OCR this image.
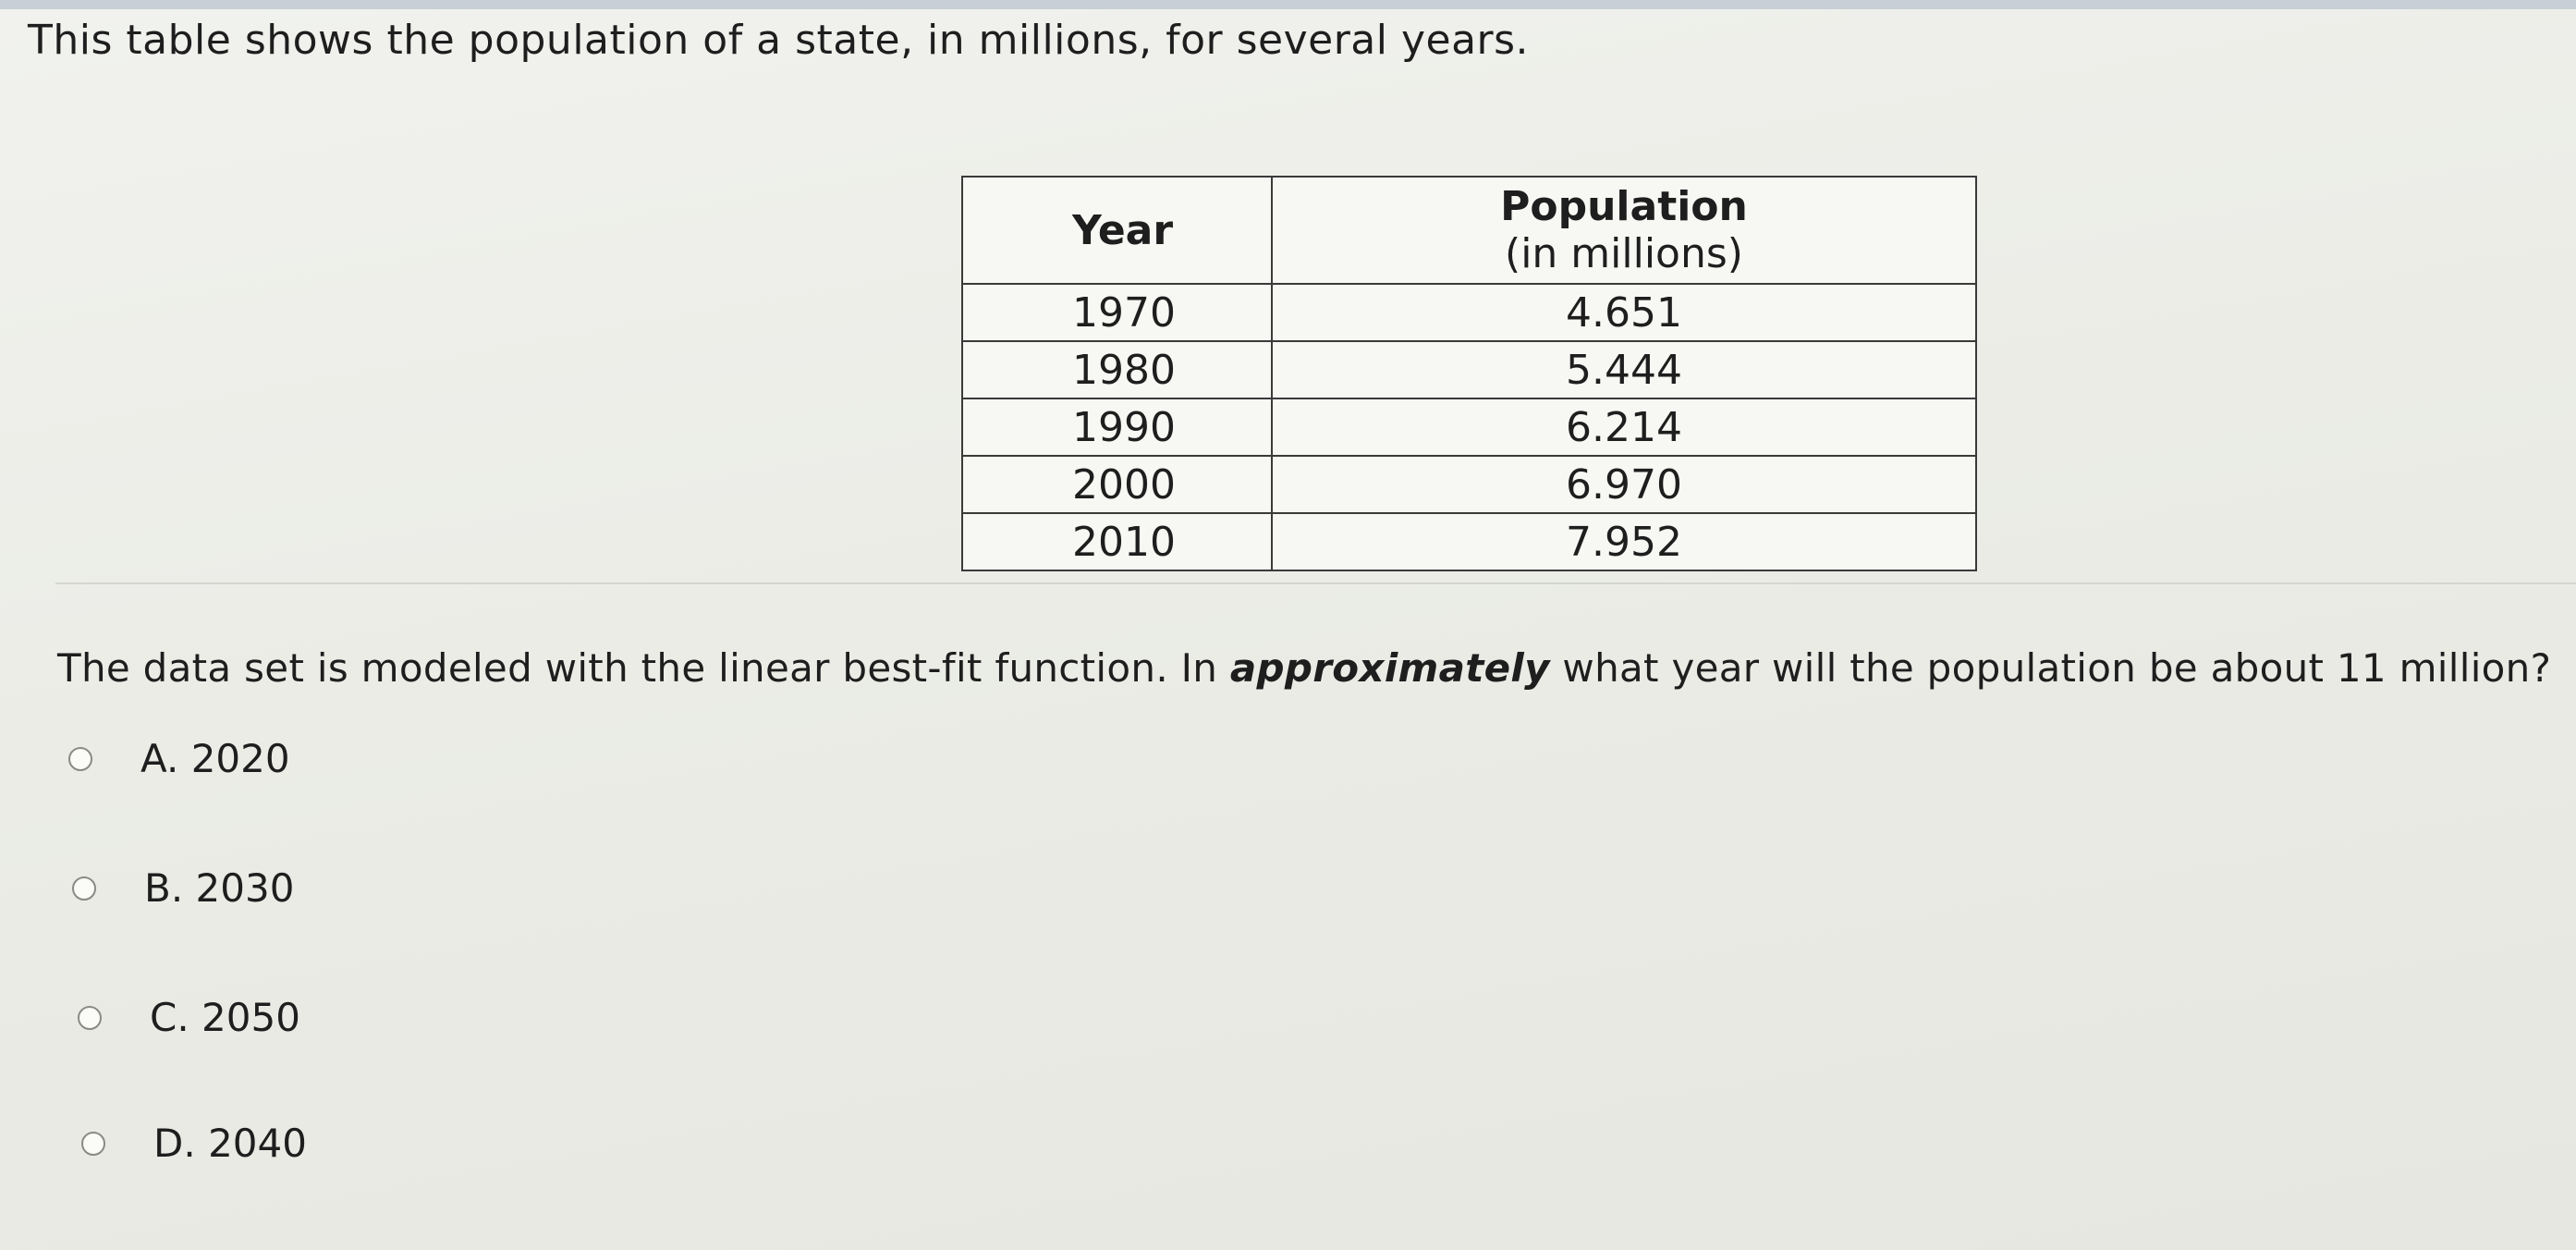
This table shows the population of a state, in millions, for several years.

Year	Population
(in millions)

1970	4.651
1980	5.444
1990	6.214
2000	6.970
2010	7.952
The data set is modeled with the linear best-fit function. In approximately what year will the population be about 11 million?
A.
2020
B.
2030
C.
2050
D.
2040
